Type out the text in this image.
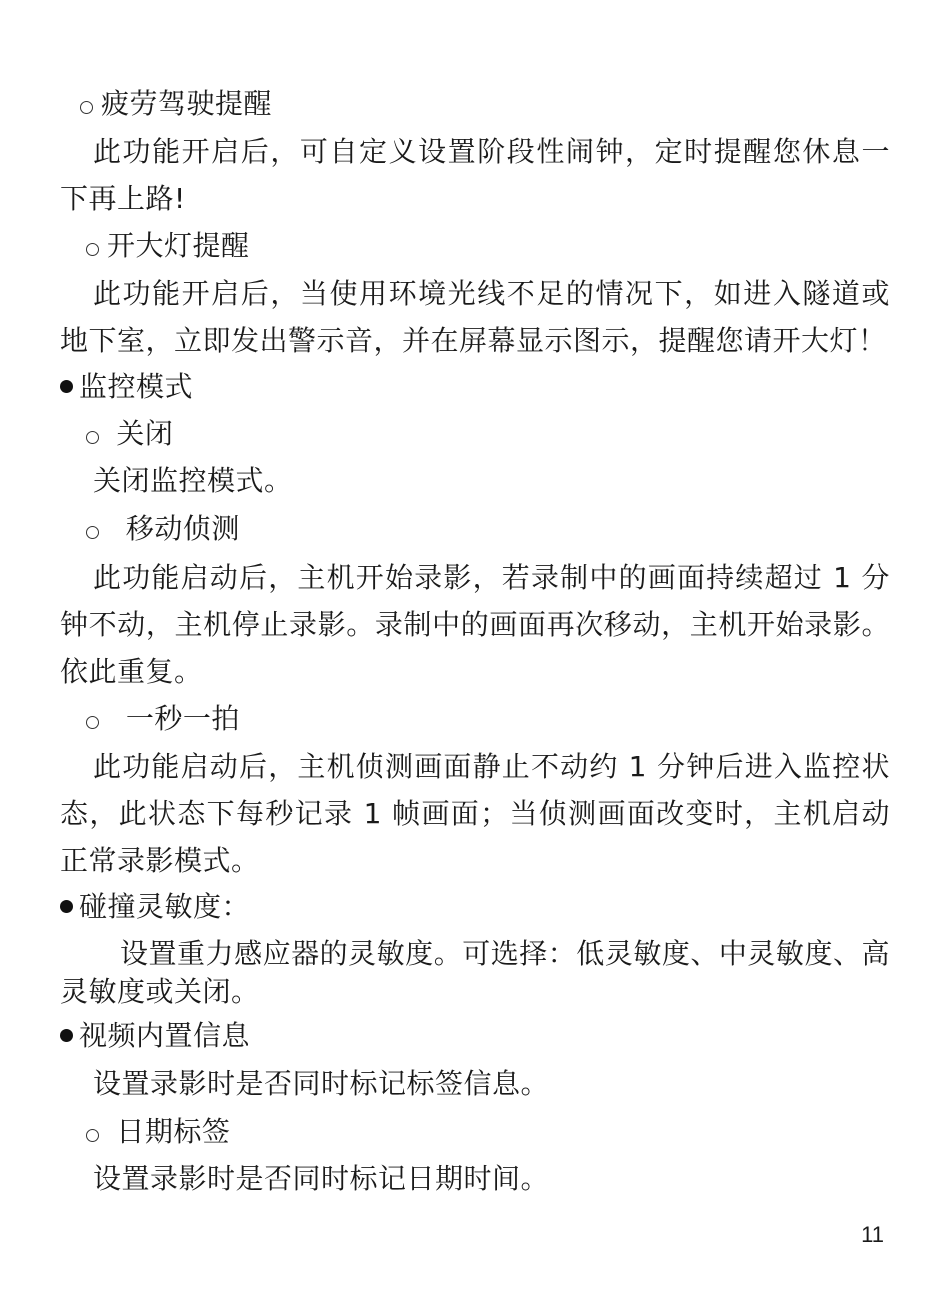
疲劳驾驶提醒
此功能开启后，可自定义设置阶段性闹钟，定时提醒您休息一下再上路!
开大灯提醒
此功能开启后，当使用环境光线不足的情况下，如进入隧道或地下室，立即发出警示音，并在屏幕显示图示，提醒您请开大灯！
监控模式
关闭
关闭监控模式。
移动侦测
此功能启动后，主机开始录影，若录制中的画面持续超过 1 分钟不动，主机停止录影。录制中的画面再次移动，主机开始录影。依此重复。
一秒一拍
此功能启动后，主机侦测画面静止不动约 1 分钟后进入监控状态，此状态下每秒记录 1 帧画面；当侦测画面改变时，主机启动正常录影模式。
碰撞灵敏度：
设置重力感应器的灵敏度。可选择：低灵敏度、中灵敏度、高灵敏度或关闭。
视频内置信息
设置录影时是否同时标记标签信息。
日期标签
设置录影时是否同时标记日期时间。
11
